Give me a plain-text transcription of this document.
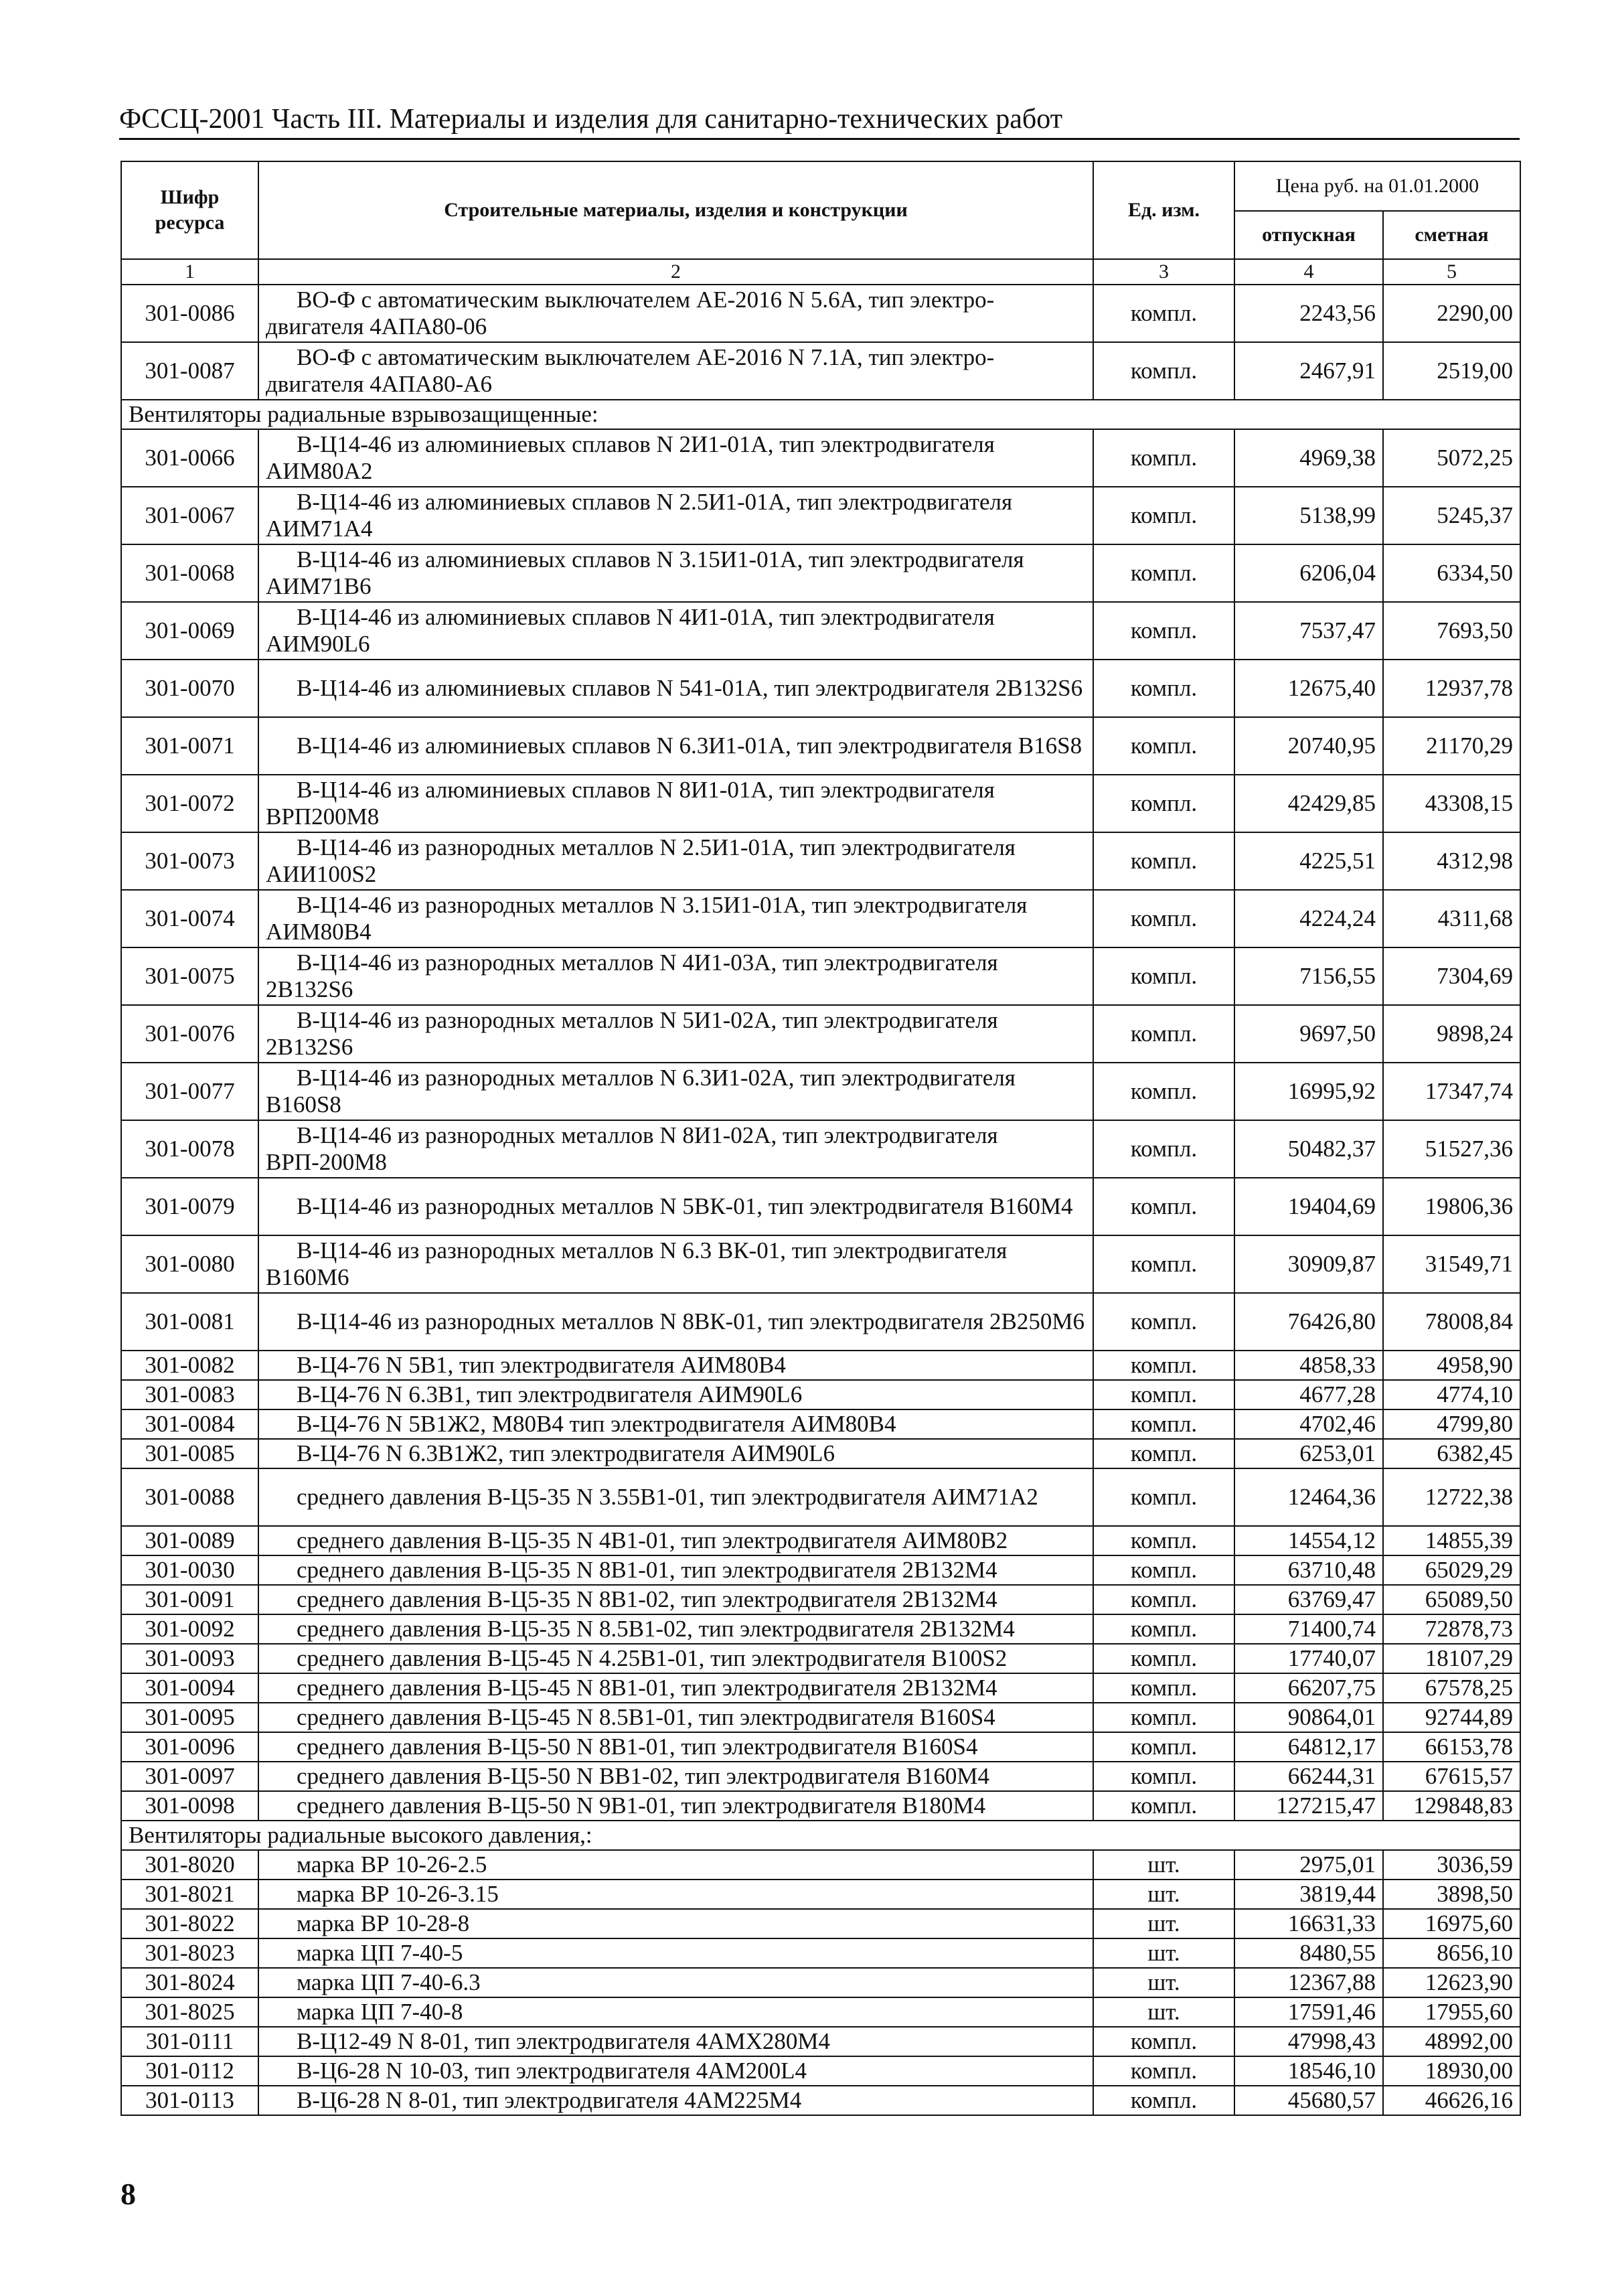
ФССЦ-2001 Часть III. Материалы и изделия для санитарно-технических работ
Шифр ресурса	Строительные материалы, изделия и конструкции	Ед. изм.	Цена руб. на 01.01.2000	
			отпускная	сметная
1	2	3	4	5
301-0086	ВО-Ф с автоматическим выключателем АЕ-2016 N 5.6А, тип электро-двигателя 4АПА80-06	компл.	2243,56	2290,00
301-0087	ВО-Ф с автоматическим выключателем АЕ-2016 N 7.1А, тип электро-двигателя 4АПА80-А6	компл.	2467,91	2519,00
Вентиляторы радиальные взрывозащищенные:				
301-0066	В-Ц14-46 из алюминиевых сплавов N 2И1-01А, тип электродвигателя АИМ80А2	компл.	4969,38	5072,25
301-0067	В-Ц14-46 из алюминиевых сплавов N 2.5И1-01А, тип электродвигателя АИМ71А4	компл.	5138,99	5245,37
301-0068	В-Ц14-46 из алюминиевых сплавов N 3.15И1-01А, тип электродвигателя АИМ71В6	компл.	6206,04	6334,50
301-0069	В-Ц14-46 из алюминиевых сплавов N 4И1-01А, тип электродвигателя АИМ90L6	компл.	7537,47	7693,50
301-0070	В-Ц14-46 из алюминиевых сплавов N 541-01А, тип электродвигателя 2В132S6	компл.	12675,40	12937,78
301-0071	В-Ц14-46 из алюминиевых сплавов N 6.3И1-01А, тип электродвигателя В16S8	компл.	20740,95	21170,29
301-0072	В-Ц14-46 из алюминиевых сплавов N 8И1-01А, тип электродвигателя ВРП200М8	компл.	42429,85	43308,15
301-0073	В-Ц14-46 из разнородных металлов N 2.5И1-01А, тип электродвигателя АИИ100S2	компл.	4225,51	4312,98
301-0074	В-Ц14-46 из разнородных металлов N 3.15И1-01А, тип электродвигателя АИМ80В4	компл.	4224,24	4311,68
301-0075	В-Ц14-46 из разнородных металлов N 4И1-03А, тип электродвигателя 2В132S6	компл.	7156,55	7304,69
301-0076	В-Ц14-46 из разнородных металлов N 5И1-02А, тип электродвигателя 2В132S6	компл.	9697,50	9898,24
301-0077	В-Ц14-46 из разнородных металлов N 6.3И1-02А, тип электродвигателя В160S8	компл.	16995,92	17347,74
301-0078	В-Ц14-46 из разнородных металлов N 8И1-02А, тип электродвигателя ВРП-200М8	компл.	50482,37	51527,36
301-0079	В-Ц14-46 из разнородных металлов N 5ВК-01, тип электродвигателя В160М4	компл.	19404,69	19806,36
301-0080	В-Ц14-46 из разнородных металлов N 6.3 ВК-01, тип электродвигателя В160М6	компл.	30909,87	31549,71
301-0081	В-Ц14-46 из разнородных металлов N 8ВК-01, тип электродвигателя 2В250М6	компл.	76426,80	78008,84
301-0082	В-Ц4-76 N 5В1, тип электродвигателя АИМ80В4	компл.	4858,33	4958,90
301-0083	В-Ц4-76 N 6.3В1, тип электродвигателя АИМ90L6	компл.	4677,28	4774,10
301-0084	В-Ц4-76 N 5В1Ж2, М80В4 тип электродвигателя АИМ80В4	компл.	4702,46	4799,80
301-0085	В-Ц4-76 N 6.3В1Ж2, тип электродвигателя АИМ90L6	компл.	6253,01	6382,45
301-0088	среднего давления В-Ц5-35 N 3.55В1-01, тип электродвигателя АИМ71А2	компл.	12464,36	12722,38
301-0089	среднего давления В-Ц5-35 N 4В1-01, тип электродвигателя АИМ80В2	компл.	14554,12	14855,39
301-0030	среднего давления В-Ц5-35 N 8В1-01, тип электродвигателя 2В132М4	компл.	63710,48	65029,29
301-0091	среднего давления В-Ц5-35 N 8В1-02, тип электродвигателя 2В132М4	компл.	63769,47	65089,50
301-0092	среднего давления В-Ц5-35 N 8.5В1-02, тип электродвигателя 2В132М4	компл.	71400,74	72878,73
301-0093	среднего давления В-Ц5-45 N 4.25В1-01, тип электродвигателя В100S2	компл.	17740,07	18107,29
301-0094	среднего давления В-Ц5-45 N 8В1-01, тип электродвигателя 2В132М4	компл.	66207,75	67578,25
301-0095	среднего давления В-Ц5-45 N 8.5В1-01, тип электродвигателя В160S4	компл.	90864,01	92744,89
301-0096	среднего давления В-Ц5-50 N 8В1-01, тип электродвигателя В160S4	компл.	64812,17	66153,78
301-0097	среднего давления В-Ц5-50 N ВВ1-02, тип электродвигателя В160М4	компл.	66244,31	67615,57
301-0098	среднего давления В-Ц5-50 N 9В1-01, тип электродвигателя В180М4	компл.	127215,47	129848,83
Вентиляторы радиальные высокого давления,:				
301-8020	марка ВР 10-26-2.5	шт.	2975,01	3036,59
301-8021	марка ВР 10-26-3.15	шт.	3819,44	3898,50
301-8022	марка ВР 10-28-8	шт.	16631,33	16975,60
301-8023	марка ЦП 7-40-5	шт.	8480,55	8656,10
301-8024	марка ЦП 7-40-6.3	шт.	12367,88	12623,90
301-8025	марка ЦП 7-40-8	шт.	17591,46	17955,60
301-0111	В-Ц12-49 N 8-01, тип электродвигателя 4АМХ280М4	компл.	47998,43	48992,00
301-0112	В-Ц6-28 N 10-03, тип электродвигателя 4АМ200L4	компл.	18546,10	18930,00
301-0113	В-Ц6-28 N 8-01, тип электродвигателя 4АМ225М4	компл.	45680,57	46626,16
8
